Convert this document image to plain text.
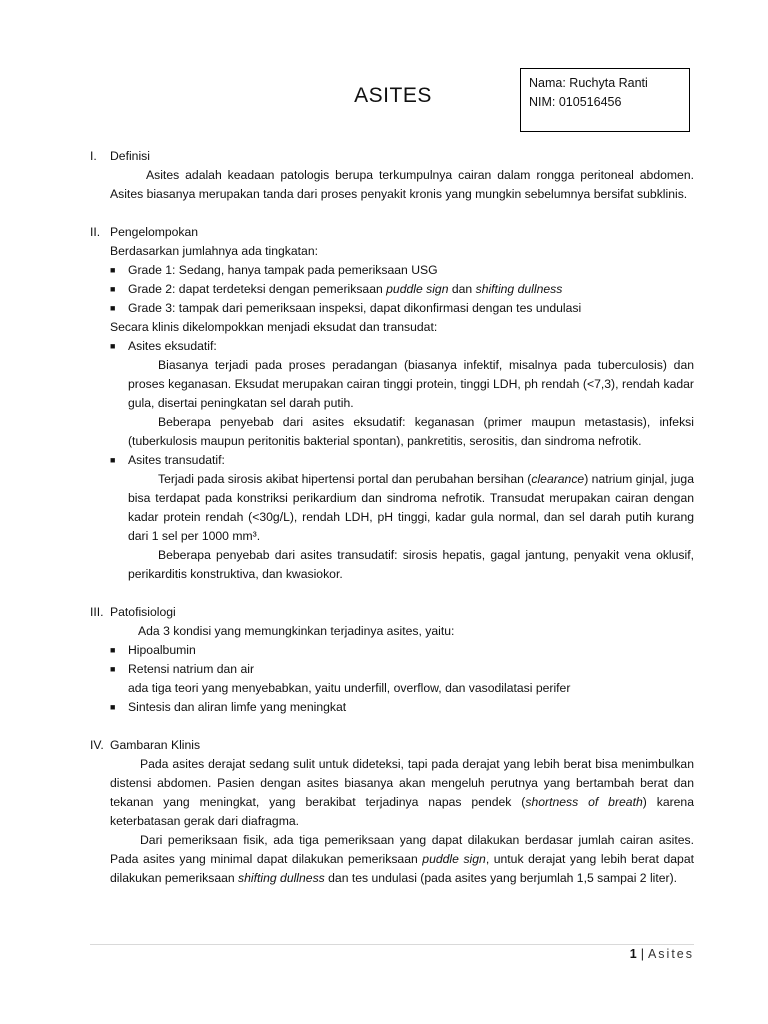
ASITES
Nama: Ruchyta Ranti
NIM: 010516456
I.	Definisi

Asites adalah keadaan patologis berupa terkumpulnya cairan dalam rongga peritoneal abdomen. Asites biasanya merupakan tanda dari proses penyakit kronis yang mungkin sebelumnya bersifat subklinis.

II. Pengelompokan

Berdasarkan jumlahnya ada tingkatan:

■	Grade 1: Sedang, hanya tampak pada pemeriksaan USG
■	Grade 2: dapat terdeteksi dengan pemeriksaan puddle sign dan shifting dullness
■	Grade 3: tampak dari pemeriksaan inspeksi, dapat dikonfirmasi dengan tes undulasi

Secara klinis dikelompokkan menjadi eksudat dan transudat:

■	Asites eksudatif:

Biasanya terjadi pada proses peradangan (biasanya infektif, misalnya pada tuberculosis) dan proses keganasan. Eksudat merupakan cairan tinggi protein, tinggi LDH, ph rendah (<7,3), rendah kadar gula, disertai peningkatan sel darah putih.

Beberapa penyebab dari asites eksudatif: keganasan (primer maupun metastasis), infeksi (tuberkulosis maupun peritonitis bakterial spontan), pankretitis, serositis, dan sindroma nefrotik.

■	Asites transudatif:

Terjadi pada sirosis akibat hipertensi portal dan perubahan bersihan (clearance) natrium ginjal, juga bisa terdapat pada konstriksi perikardium dan sindroma nefrotik. Transudat merupakan cairan dengan kadar protein rendah (<30g/L), rendah LDH, pH tinggi, kadar gula normal, dan sel darah putih kurang dari 1 sel per 1000 mm³.

Beberapa penyebab dari asites transudatif: sirosis hepatis, gagal jantung, penyakit vena oklusif, perikarditis konstruktiva, dan kwasiokor.

III. Patofisiologi

Ada 3 kondisi yang memungkinkan terjadinya asites, yaitu:

■	Hipoalbumin
■	Retensi natrium dan air

ada tiga teori yang menyebabkan, yaitu underfill, overflow, dan vasodilatasi perifer

■	Sintesis dan aliran limfe yang meningkat
IV. Gambaran Klinis

Pada asites derajat sedang sulit untuk dideteksi, tapi pada derajat yang lebih berat bisa menimbulkan distensi abdomen. Pasien dengan asites biasanya akan mengeluh perutnya yang bertambah berat dan tekanan yang meningkat, yang berakibat terjadinya napas pendek (shortness of breath) karena keterbatasan gerak dari diafragma.

Dari pemeriksaan fisik, ada tiga pemeriksaan yang dapat dilakukan berdasar jumlah cairan asites. Pada asites yang minimal dapat dilakukan pemeriksaan puddle sign, untuk derajat yang lebih berat dapat dilakukan pemeriksaan shifting dullness dan tes undulasi (pada asites yang berjumlah 1,5 sampai 2 liter).

1 | Asites
